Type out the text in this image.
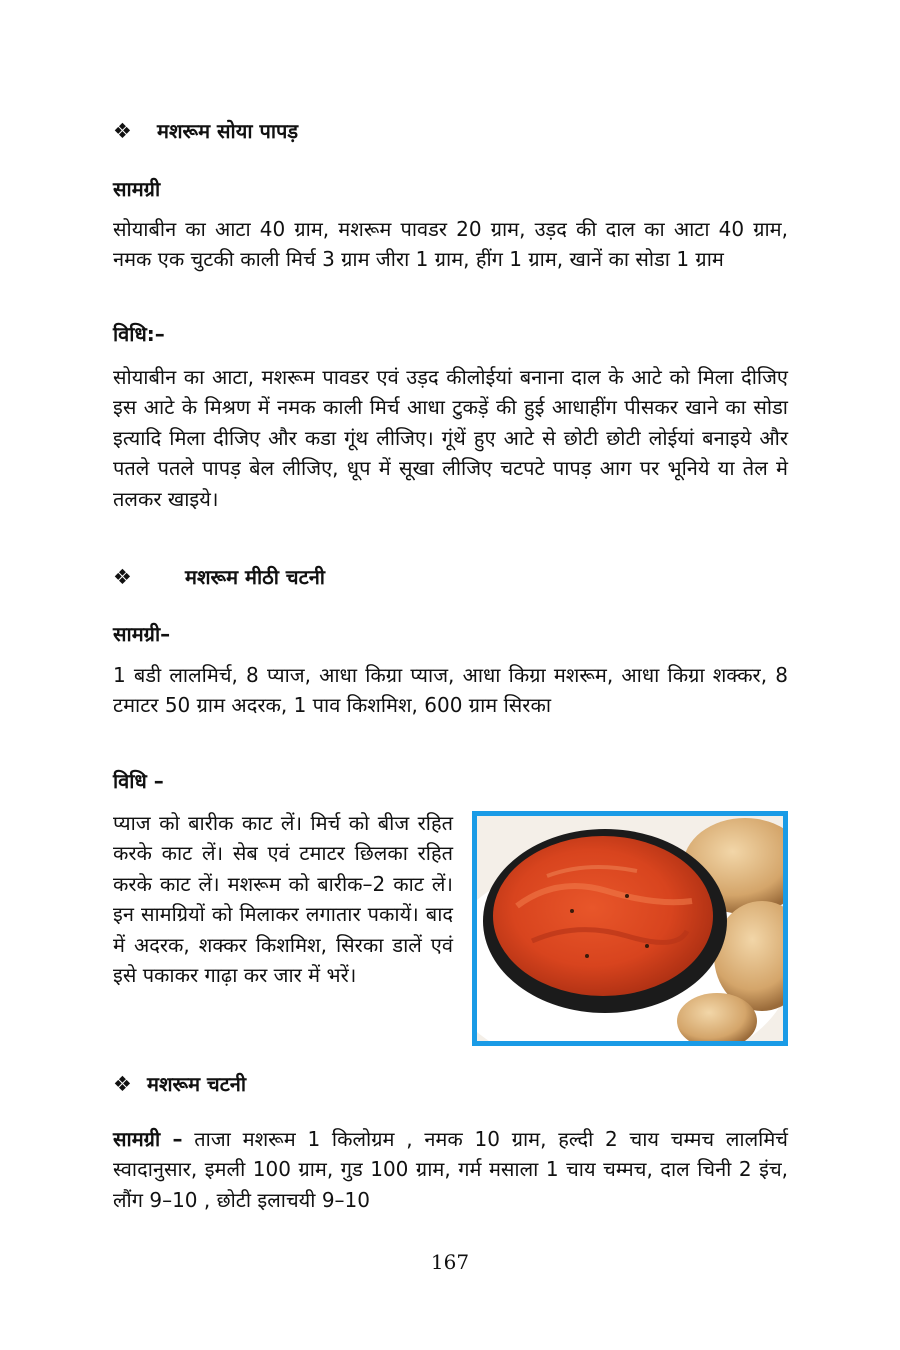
❖ मशरूम सोया पापड़
सामग्री
सोयाबीन का आटा 40 ग्राम, मशरूम पावडर 20 ग्राम, उड़द की दाल का आटा 40 ग्राम, नमक एक चुटकी काली मिर्च 3 ग्राम जीरा 1 ग्राम, हींग 1 ग्राम, खानें का सोडा 1 ग्राम
विधि:–
सोयाबीन का आटा, मशरूम पावडर एवं उड़द कीलोईयां बनाना दाल के आटे को मिला दीजिए इस आटे के मिश्रण में नमक काली मिर्च आधा टुकड़ें की हुई आधाहींग पीसकर खाने का सोडा इत्यादि मिला दीजिए और कडा गूंथ लीजिए। गूंथें हुए आटे से छोटी छोटी लोईयां बनाइये और पतले पतले पापड़ बेल लीजिए, धूप में सूखा लीजिए चटपटे पापड़ आग पर भूनिये या तेल मे तलकर खाइये।
❖	मशरूम मीठी चटनी
सामग्री–
1 बडी लालमिर्च, 8 प्याज, आधा किग्रा प्याज, आधा किग्रा मशरूम, आधा किग्रा शक्कर, 8 टमाटर 50 ग्राम अदरक, 1 पाव किशमिश, 600 ग्राम सिरका
विधि –
प्याज को बारीक काट लें। मिर्च को बीज रहित करके काट लें। सेब एवं टमाटर छिलका रहित करके काट लें। मशरूम को बारीक–2 काट लें। इन सामग्रियों को मिलाकर लगातार पकायें। बाद में अदरक, शक्कर किशमिश, सिरका डालें एवं इसे पकाकर गाढ़ा कर जार में भरें।
❖ मशरूम चटनी
सामग्री – ताजा मशरूम 1 किलोग्रम , नमक 10 ग्राम, हल्दी 2 चाय चम्मच लालमिर्च स्वादानुसार, इमली 100 ग्राम, गुड 100 ग्राम, गर्म मसाला 1 चाय चम्मच, दाल चिनी 2 इंच, लौंग 9–10 , छोटी इलाचयी 9–10
167
